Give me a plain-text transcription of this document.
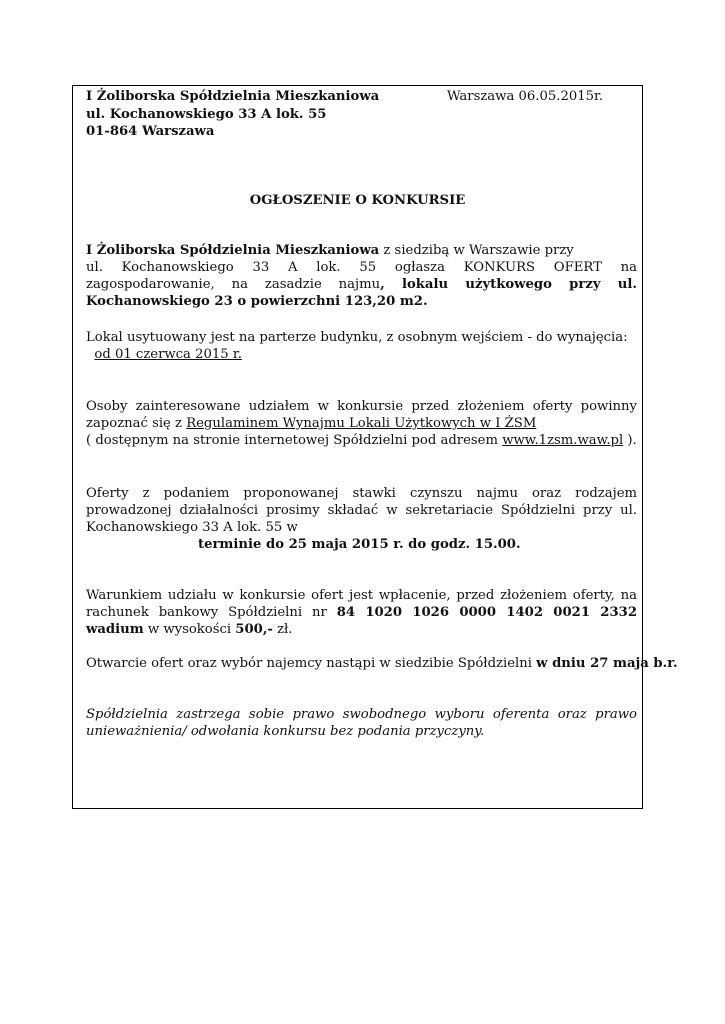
I Żoliborska Spółdzielnia Mieszkaniowa
ul. Kochanowskiego 33 A lok. 55
01-864 Warszawa
Warszawa 06.05.2015r.
OGŁOSZENIE O KONKURSIE
I Żoliborska Spółdzielnia Mieszkaniowa z siedzibą w Warszawie przy
ul. Kochanowskiego 33 A lok. 55 ogłasza KONKURS OFERT na zagospodarowanie, na zasadzie najmu, lokalu użytkowego przy ul. Kochanowskiego 23 o powierzchni 123,20 m2.
Lokal usytuowany jest na parterze budynku, z osobnym wejściem - do wynajęcia:
od 01 czerwca 2015 r.
Osoby zainteresowane udziałem w konkursie przed złożeniem oferty powinny zapoznać się z Regulaminem Wynajmu Lokali Użytkowych w I ŻSM
( dostępnym na stronie internetowej Spółdzielni pod adresem www.1zsm.waw.pl ).
Oferty z podaniem proponowanej stawki czynszu najmu oraz rodzajem prowadzonej działalności prosimy składać w sekretariacie Spółdzielni przy ul. Kochanowskiego 33 A lok. 55 w
terminie do 25 maja 2015 r. do godz. 15.00.
Warunkiem udziału w konkursie ofert jest wpłacenie, przed złożeniem oferty, na rachunek bankowy Spółdzielni nr 84 1020 1026 0000 1402 0021 2332 wadium w wysokości 500,- zł.
Otwarcie ofert oraz wybór najemcy nastąpi w siedzibie Spółdzielni w dniu 27 maja b.r.
Spółdzielnia zastrzega sobie prawo swobodnego wyboru oferenta oraz prawo unieważnienia/ odwołania konkursu bez podania przyczyny.
